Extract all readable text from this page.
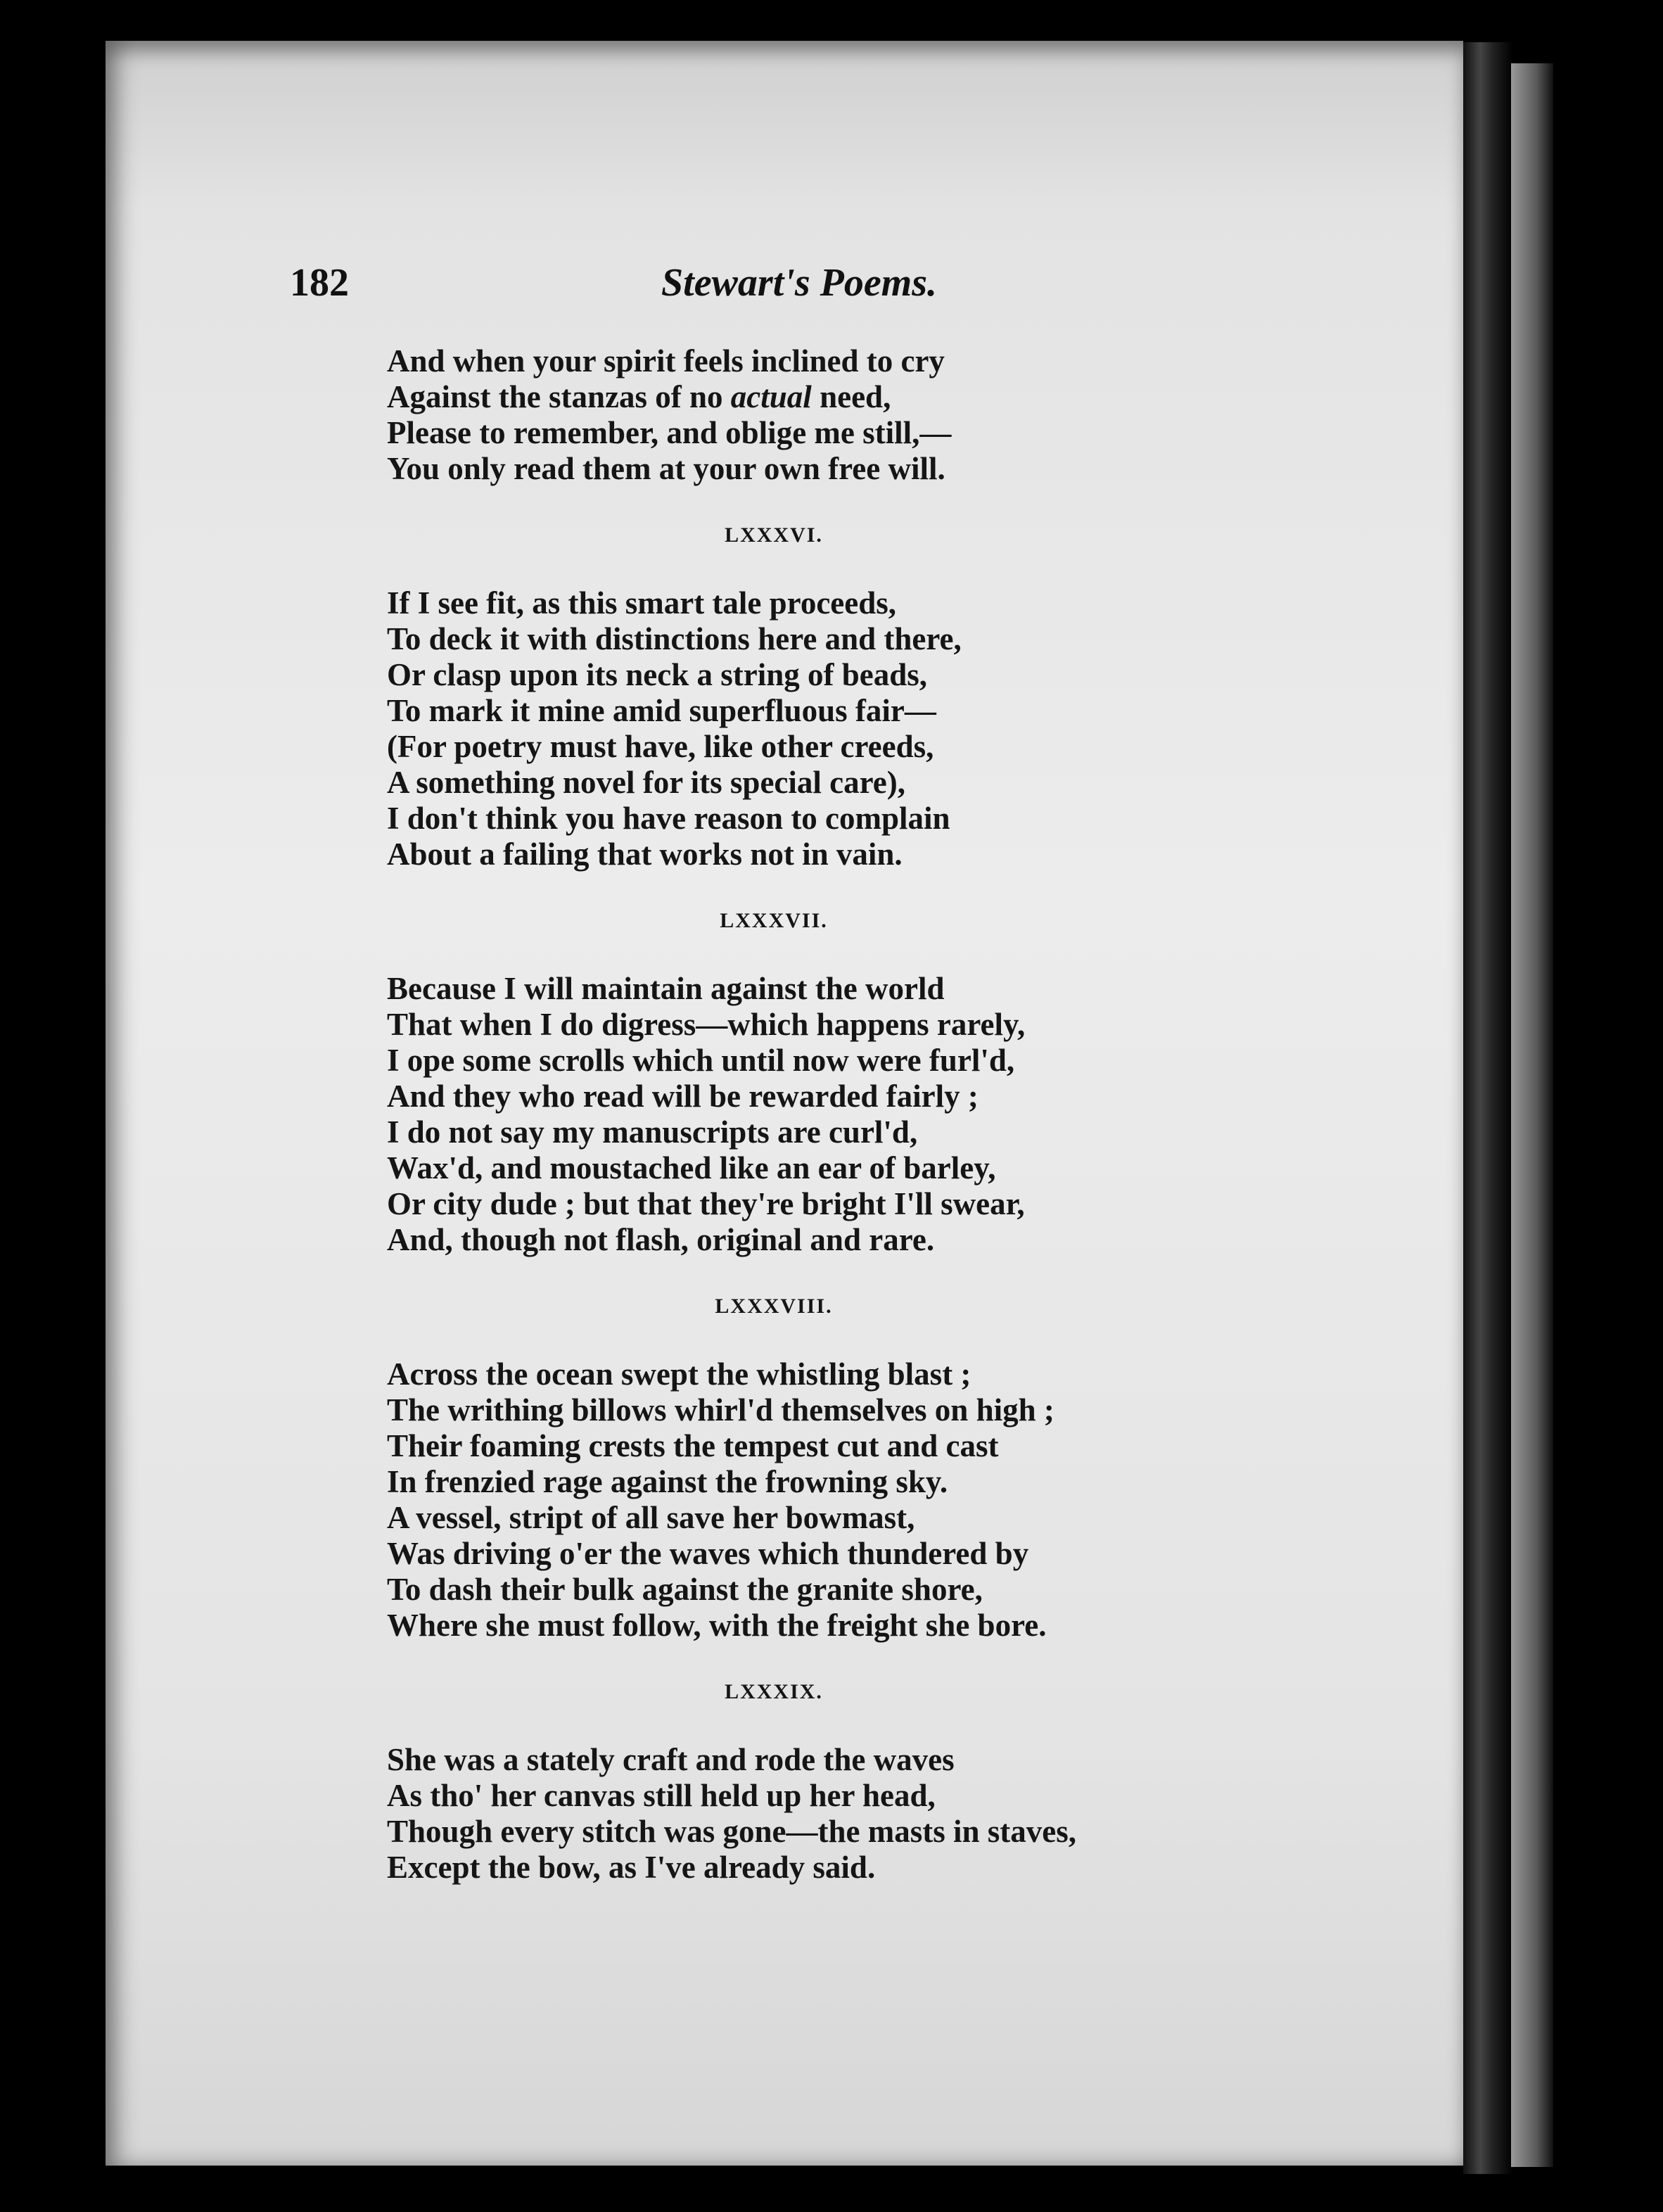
182	Stewart's Poems.
And when your spirit feels inclined to cry
Against the stanzas of no actual need,
Please to remember, and oblige me still,—
You only read them at your own free will.
LXXXVI.
If I see fit, as this smart tale proceeds,
To deck it with distinctions here and there,
Or clasp upon its neck a string of beads,
To mark it mine amid superfluous fair—
(For poetry must have, like other creeds,
A something novel for its special care),
I don't think you have reason to complain
About a failing that works not in vain.
LXXXVII.
Because I will maintain against the world
That when I do digress—which happens rarely,
I ope some scrolls which until now were furl'd,
And they who read will be rewarded fairly ;
I do not say my manuscripts are curl'd,
Wax'd, and moustached like an ear of barley,
Or city dude ; but that they're bright I'll swear,
And, though not flash, original and rare.
LXXXVIII.
Across the ocean swept the whistling blast ;
The writhing billows whirl'd themselves on high ;
Their foaming crests the tempest cut and cast
In frenzied rage against the frowning sky.
A vessel, stript of all save her bowmast,
Was driving o'er the waves which thundered by
To dash their bulk against the granite shore,
Where she must follow, with the freight she bore.
LXXXIX.
She was a stately craft and rode the waves
As tho' her canvas still held up her head,
Though every stitch was gone—the masts in staves,
Except the bow, as I've already said.
